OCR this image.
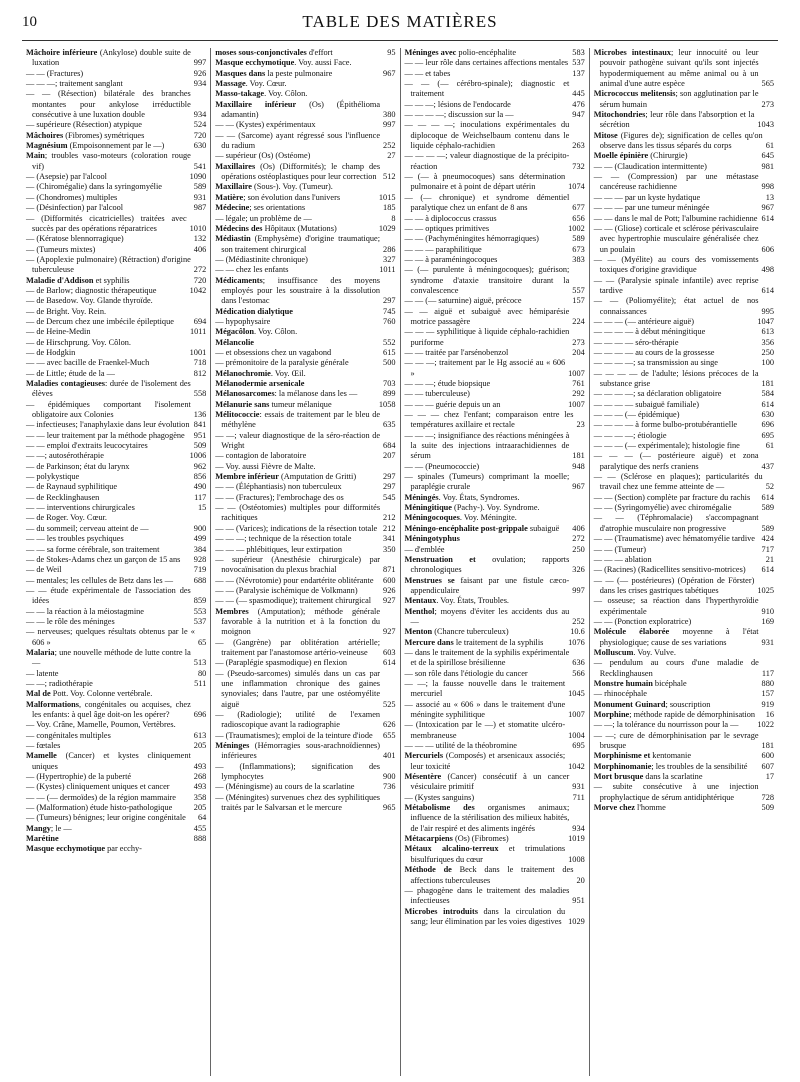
10	TABLE DES MATIÈRES
Mâchoire inférieure (Ankylose) double suite de luxation	997
— — (Fractures)	926
— — —; traitement sanglant	934
— — (Résection) bilatérale des branches montantes pour ankylose irréductible consécutive à une luxation double	934
— supérieure (Résection) atypique	524
Mâchoires (Fibromes) symétriques	720
Magnésium (Empoisonnement par le —)	630
Main; troubles vaso-moteurs (coloration rouge vif)	541
— (Asepsie) par l'alcool	1090
— (Chiromégalie) dans la syringomyélie	589
— (Chondromes) multiples	931
— (Désinfection) par l'alcool	987
— (Difformités cicatricielles) traitées avec succès par des opérations réparatrices	1010
— (Kératose blennorragique)	132
— (Tumeurs mixtes)	406
— (Apoplexie pulmonaire) (Rétraction) d'origine tuberculeuse	272
Maladie d'Addison et syphilis	720
— de Barlow; diagnostic thérapeutique	1042
— de Basedow. Voy. Glande thyroïde.
— de Bright. Voy. Rein.
— de Dercum chez une imbécile épileptique	694
— de Heine-Medin	1011
— de Hirschprung. Voy. Côlon.
— de Hodgkin	1001
— — avec bacille de Fraenkel-Much	718
— de Little; étude de la —	812
Maladies contagieuses: durée de l'isolement des élèves	558
— épidémiques comportant l'isolement obligatoire aux Colonies	136
— infectieuses; l'anaphylaxie dans leur évolution 841
— — leur traitement par la méthode phagogène	951
— — emploi d'extraits leucocytaires	509
— —; autosérothérapie	1006
— de Parkinson; état du larynx	962
— polykystique	856
— de Raynaud syphilitique	490
— de Recklinghausen	117
— — interventions chirurgicales	15
— de Roger. Voy. Cœur.
— du sommeil; cerveau atteint de —	900
— — les troubles psychiques	499
— — sa forme cérébrale, son traitement	384
— de Stokes-Adams chez un garçon de 15 ans	928
— de Weil	719
— mentales; les cellules de Betz dans les —	688
— — étude expérimentale de l'association des idées	859
— — la réaction à la méiostagmine	553
— — le rôle des méninges	537
— nerveuses; quelques résultats obtenus par le « 606 »	65
Malaria; une nouvelle méthode de lutte contre la —	513
— latente	80
— —; radiothérapie	511
Mal de Pott. Voy. Colonne vertébrale.
Malformations, congénitales ou acquises, chez les enfants: à quel âge doit-on les opérer?	696
— Voy. Crâne, Mamelle, Poumon, Vertèbres.
— congénitales multiples	613
— fœtales	205
Mamelle (Cancer) et kystes cliniquement uniques	493
— (Hypertrophie) de la puberté	268
— (Kystes) cliniquement uniques et cancer	493
— — (— dermoïdes) de la région mammaire	358
— (Malformation) étude histo-pathologique	205
— (Tumeurs) bénignes; leur origine congénitale	64
Mangy; le —	455
Marétine	888
Masque ecchymotique par ecchy-
moses sous-conjonctivales d'effort	95
Masque ecchymotique. Voy. aussi Face.
Masques dans la peste pulmonaire	967
Massage. Voy. Cœur.
Masso-takage. Voy. Côlon.
Maxillaire inférieur (Os) (Épithélioma adamantin)	380
— — (Kystes) expérimentaux	997
— — (Sarcome) ayant régressé sous l'influence du radium	252
— supérieur (Os) (Ostéome)	27
Maxillaires (Os) (Difformités); le champ des opérations ostéoplastiques pour leur correction 512
Maxillaire (Sous-). Voy. (Tumeur).
Matière; son évolution dans l'univers	1015
Médecine; ses orientations	185
— légale; un problème de —	8
Médecins des Hôpitaux (Mutations)	1029
Médiastin (Emphysème) d'origine traumatique; son traitement chirurgical	286
— (Médiastinite chronique)	327
— — chez les enfants	1011
Médicaments; insuffisance des moyens employés pour les soustraire à la dissolution dans l'estomac	297
Médication dialytique	745
— hypophysaire	760
Mégacôlon. Voy. Côlon.
Mélancolie	552
— et obsessions chez un vagabond	615
— prémonitoire de la paralysie générale	500
Mélanochromie. Voy. Œil.
Mélanodermie arsenicale	703
Mélanosarcomes: la mélanose dans les —	899
Mélanurie sans tumeur mélanique	1058
Mélitococcie: essais de traitement par le bleu de méthylène	635
— —; valeur diagnostique de la séro-réaction de Wright	684
— contagion de laboratoire	207
— Voy. aussi Fièvre de Malte.
Membre inférieur (Amputation de Gritti)	297
— — (Éléphantiasis) non tuberculeux	297
— — (Fractures); l'embrochage des os	545
— — (Ostéotomies) multiples pour difformités rachitiques	212
— — (Varices); indications de la résection totale 212
— — —; technique de la résection totale	341
— — — phlébitiques, leur extirpation	350
— supérieur (Anesthésie chirurgicale) par novocaïnisation du plexus brachial	871
— — (Névrotomie) pour endartérite oblitérante	600
— — (Paralysie ischémique de Volkmann)	926
— — (— spasmodique); traitement chirurgical	927
Membres (Amputation); méthode générale favorable à la nutrition et à la fonction du moignon	927
— (Gangrène) par oblitération artérielle; traitement par l'anastomose artério-veineuse	603
— (Paraplégie spasmodique) en flexion	614
— (Pseudo-sarcomes) simulés dans un cas par une inflammation chronique des gaines synoviales; dans l'autre, par une ostéomyélite aiguë	525
— (Radiologie); utilité de l'examen radioscopique avant la radiographie	626
— (Traumatismes); emploi de la teinture d'iode	655
Méninges (Hémorragies sous-arachnoïdiennes) inférieures	401
— (Inflammations); signification des lymphocytes	900
— (Méningisme) au cours de la scarlatine	736
— (Méningites) survenues chez des syphilitiques traités par le Salvarsan et le mercure	965
Méninges avec polio-encéphalite	583
— — leur rôle dans certaines affections mentales 537
— — et tabes	137
— — (— cérébro-spinale); diagnostic et traitement	445
— — —; lésions de l'endocarde	476
— — — —; discussion sur la —	947
— — — —; inoculations expérimentales du diplocoque de Weichselbaum contenu dans le liquide céphalo-rachidien	263
— — — —; valeur diagnostique de la précipito-réaction	732
— (— à pneumocoques) sans détermination pulmonaire et à point de départ utérin	1074
— (— chronique) et syndrome démentiel paralytique chez un enfant de 8 ans	677
— — à diplococcus crassus	656
— — optiques primitives	1002
— — (Pachyméningites hémorragiques)	589
— — — paraphilitique	673
— — à paraméningocoques	383
— (— purulente à méningocoques); guérison; syndrome d'ataxie transitoire durant la convalescence	557
— — (— saturnine) aiguë, précoce	157
— — aiguë et subaiguë avec hémiparésie motrice passagère	224
— — — syphilitique à liquide céphalo-rachidien puriforme	273
— — traitée par l'arsénobenzol	204
— — —; traitement par le Hg associé au « 606 »	1007
— — —; étude biopsique	761
— — tuberculeuse)	292
— — — guérie depuis un an	1007
— — — chez l'enfant; comparaison entre les températures axillaire et rectale	23
— — —; insignifiance des réactions méningées à la suite des injections intraarachidiennes de sérum	181
— — (Pneumococcie)	948
— spinales (Tumeurs) comprimant la moelle; paraplégie crurale	967
Méningés. Voy. États, Syndromes.
Méningitique (Pachy-). Voy. Syndrome.
Méningocoques. Voy. Méningite.
Méningo-encéphalite post-grippale subaiguë	406
Méningotyphus	272
— d'emblée	250
Menstruation et ovulation; rapports chronologiques	326
Menstrues se faisant par une fistule cæco-appendiculaire	997
Mentaux. Voy. États, Troubles.
Menthol; moyens d'éviter les accidents dus au —	252
Menton (Chancre tuberculeux)	10.6
Mercure dans le traitement de la syphilis	1076
— dans le traitement de la syphilis expérimentale et de la spirillose brésilienne	636
— son rôle dans l'étiologie du cancer	566
— —; la fausse nouvelle dans le traitement mercuriel	1045
— associé au « 606 » dans le traitement d'une méningite syphilitique	1007
— (Intoxication par le —) et stomatite ulcéro-membraneuse	1004
— — — utilité de la théobromine	695
Mercuriels (Composés) et arsenicaux associés; leur toxicité	1042
Mésentère (Cancer) consécutif à un cancer vésiculaire primitif	931
— (Kystes sanguins)	711
Métabolisme des organismes animaux; influence de la stérilisation des milieux habités, de l'air respiré et des aliments ingérés	934
Métacarpiens (Os) (Fibromes)	1019
Métaux alcalino-terreux et trimulations bisulfuriques du cœur	1008
Méthode de Beck dans le traitement des affections tuberculeuses	20
— phagogène dans le traitement des maladies infectieuses	951
Microbes introduits dans la circulation du sang; leur élimination par les voies digestives 1029
Microbes intestinaux; leur innocuité ou leur pouvoir pathogène suivant qu'ils sont injectés hypodermiquement au même animal ou à un animal d'une autre espèce	565
Micrococcus melitensis; son agglutination par le sérum humain	273
Mitochondries; leur rôle dans l'absorption et la sécrétion	1043
Mitose (Figures de); signification de celles qu'on observe dans les tissus séparés du corps	61
Moelle épinière (Chirurgie)	645
— — (Claudication intermittente)	981
— — (Compression) par une métastase cancéreuse rachidienne	998
— — — par un kyste hydatique	13
— — — par une tumeur méningée	967
— — dans le mal de Pott; l'albumine rachidienne 614
— — (Gliose) corticale et sclérose périvasculaire avec hypertrophie musculaire généralisée chez un poulain	606
— — (Myélite) au cours des vomissements toxiques d'origine gravidique	498
— — (Paralysie spinale infantile) avec reprise tardive	614
— — (Poliomyélite); état actuel de nos connaissances	995
— — — (— antérieure aiguë)	1047
— — — — à début méningitique	613
— — — — séro-thérapie	356
— — — — au cours de la grossesse	250
— — — —; sa transmission au singe	100
— — — — de l'adulte; lésions précoces de la substance grise	181
— — — —; sa déclaration obligatoire	584
— — — — subaiguë familiale)	614
— — — (— épidémique)	630
— — — — à forme bulbo-protubérantielle	696
— — — —; étiologie	695
— — — (— expérimentale); histologie fine	61
— — — (— postérieure aiguë) et zona paralytique des nerfs craniens	437
— — (Sclérose en plaques); particularités du travail chez une femme atteinte de —	52
— — (Section) complète par fracture du rachis	614
— — (Syringomyélie) avec chiromégalie	589
— — (Téphromalacie) s'accompagnant d'atrophie musculaire non progressive	589
— — (Traumatisme) avec hématomyélie tardive 424
— — (Tumeur)	717
— — — ablation	21
— (Racines) (Radicellites sensitivo-motrices)	614
— — (— postérieures) (Opération de Förster) dans les crises gastriques tabétiques	1025
— osseuse; sa réaction dans l'hyperthyroïdie expérimentale	910
— — (Ponction exploratrice)	169
Molécule élaborée moyenne à l'état physiologique; cause de ses variations	931
Molluscum. Voy. Vulve.
— pendulum au cours d'une maladie de Recklinghausen	117
Monstre humain bicéphale	880
— rhinocéphale	157
Monument Guinard; souscription	919
Morphine; méthode rapide de démorphinisation	16
— —; la tolérance du nourrisson pour la —	1022
— —; cure de démorphinisation par le sevrage brusque	181
Morphinisme et kentomanie	600
Morphinomanie; les troubles de la sensibilité	607
Mort brusque dans la scarlatine	17
— subite consécutive à une injection prophylactique de sérum antidiphtérique	728
Morve chez l'homme	509
